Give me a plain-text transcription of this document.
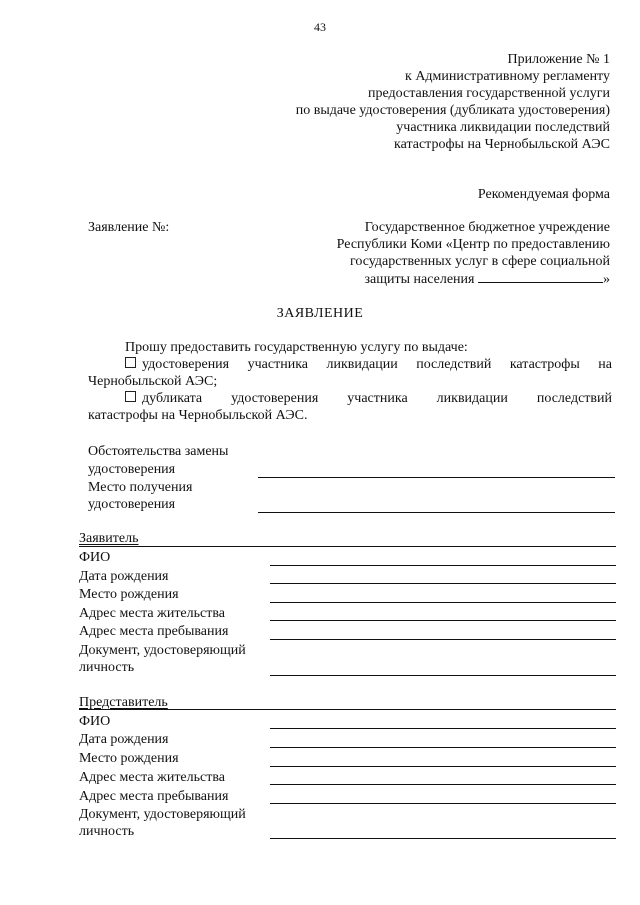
43
Приложение № 1
к Административному регламенту
предоставления государственной услуги
по выдаче удостоверения (дубликата удостоверения)
участника ликвидации последствий
катастрофы на Чернобыльской АЭС
Рекомендуемая форма
Заявление №:	Государственное бюджетное учреждение
Республики Коми «Центр по предоставлению
государственных услуг в сфере социальной
защиты населения	»
ЗАЯВЛЕНИЕ
Прошу предоставить государственную услугу по выдаче:
удостоверения участника ликвидации последствий катастрофы на
Чернобыльской АЭС;
дубликата удостоверения участника ликвидации последствий
катастрофы на Чернобыльской АЭС.
Обстоятельства замены
удостоверения
Место получения
удостоверения
Заявитель
ФИО
Дата рождения
Место рождения
Адрес места жительства
Адрес места пребывания
Документ, удостоверяющий
личность
Представитель
ФИО
Дата рождения
Место рождения
Адрес места жительства
Адрес места пребывания
Документ, удостоверяющий
личность
